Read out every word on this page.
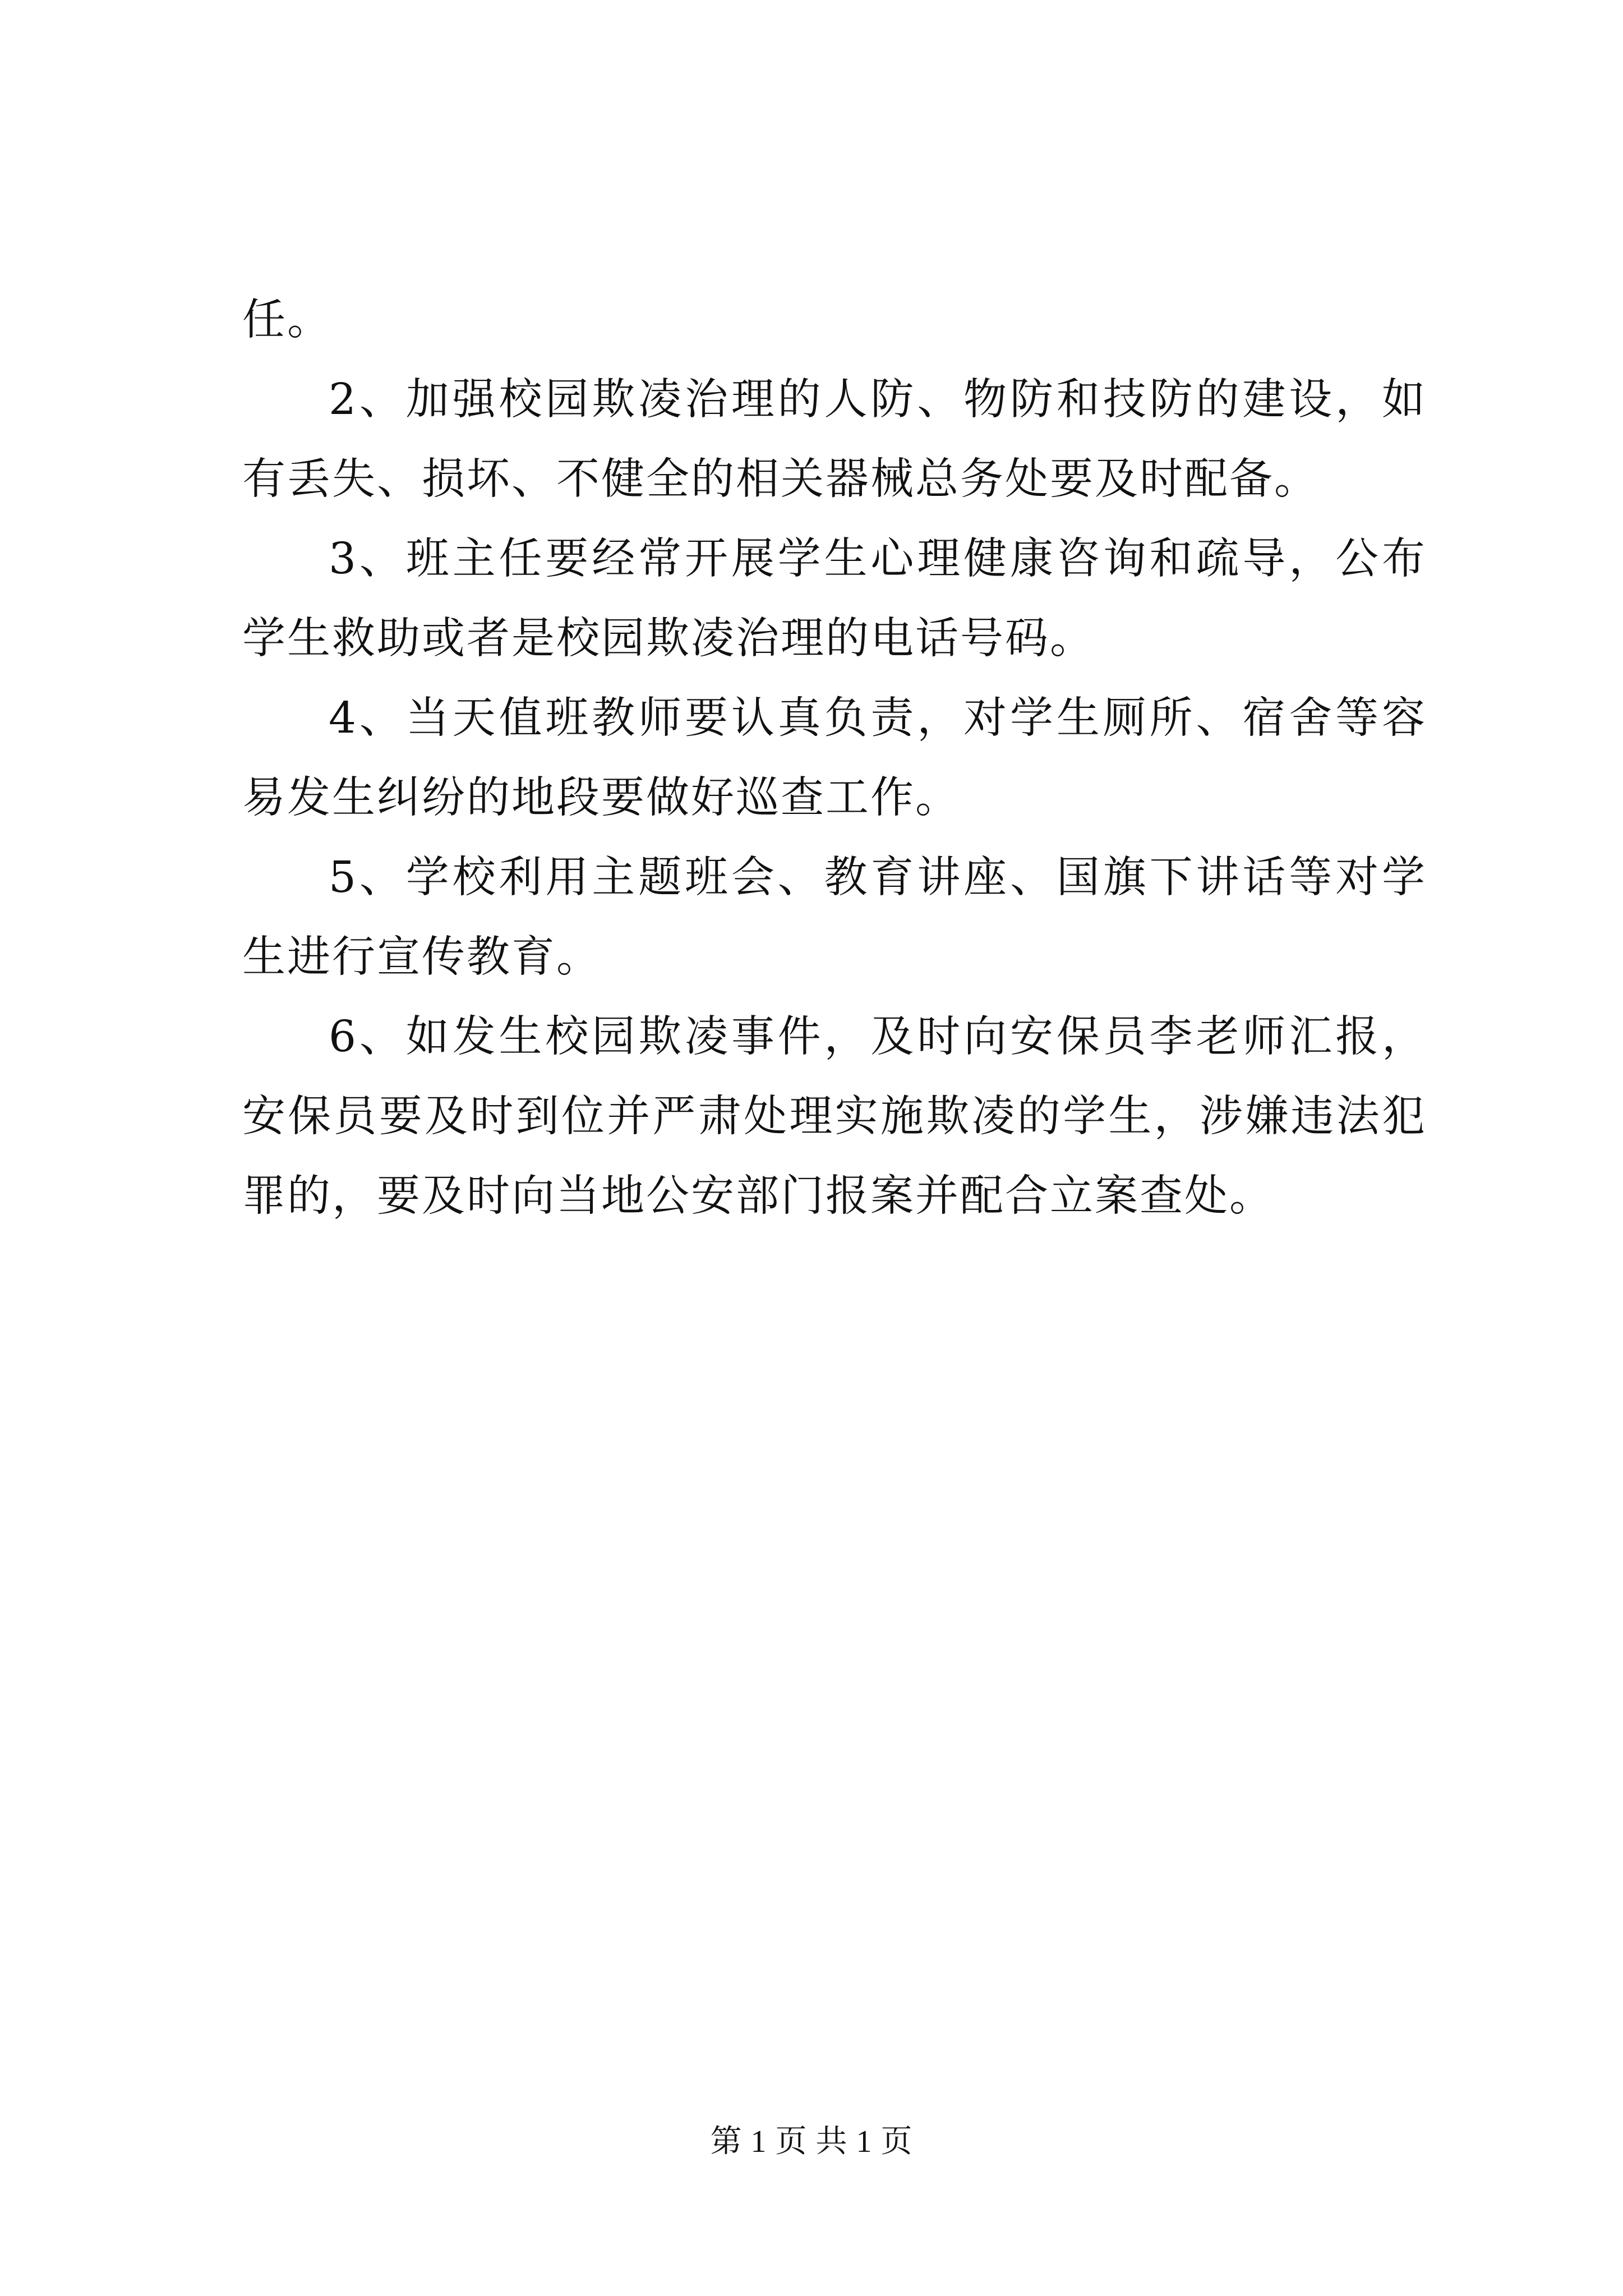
任。

2、加强校园欺凌治理的人防、物防和技防的建设，如有丢失、损坏、不健全的相关器械总务处要及时配备。

3、班主任要经常开展学生心理健康咨询和疏导，公布学生救助或者是校园欺凌治理的电话号码。

4、当天值班教师要认真负责，对学生厕所、宿舍等容易发生纠纷的地段要做好巡查工作。

5、学校利用主题班会、教育讲座、国旗下讲话等对学生进行宣传教育。

6、如发生校园欺凌事件，及时向安保员李老师汇报，安保员要及时到位并严肃处理实施欺凌的学生，涉嫌违法犯罪的，要及时向当地公安部门报案并配合立案查处。

第 1 页 共 1 页
